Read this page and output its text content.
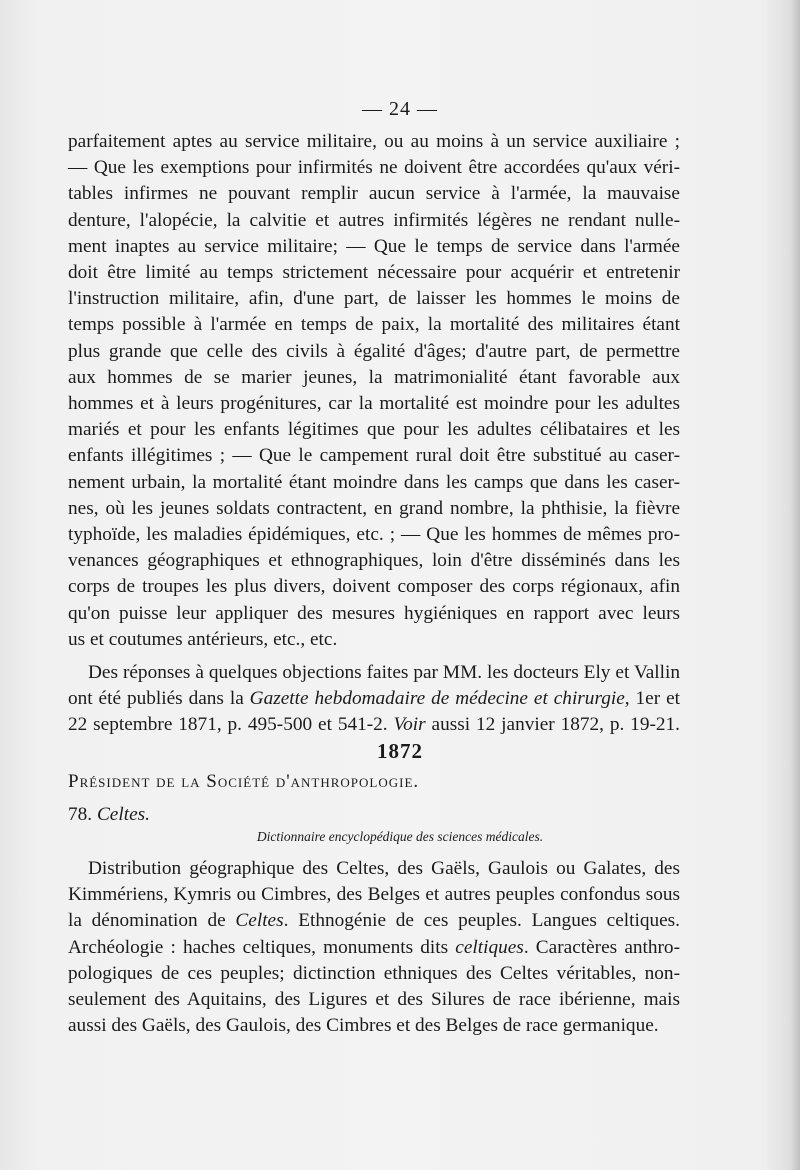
— 24 —
parfaitement aptes au service militaire, ou au moins à un service auxiliaire ;
— Que les exemptions pour infirmités ne doivent être accordées qu'aux véri-
tables infirmes ne pouvant remplir aucun service à l'armée, la mauvaise
denture, l'alopécie, la calvitie et autres infirmités légères ne rendant nulle-
ment inaptes au service militaire; — Que le temps de service dans l'armée
doit être limité au temps strictement nécessaire pour acquérir et entretenir
l'instruction militaire, afin, d'une part, de laisser les hommes le moins de
temps possible à l'armée en temps de paix, la mortalité des militaires étant
plus grande que celle des civils à égalité d'âges; d'autre part, de permettre
aux hommes de se marier jeunes, la matrimonialité étant favorable aux
hommes et à leurs progénitures, car la mortalité est moindre pour les adultes
mariés et pour les enfants légitimes que pour les adultes célibataires et les
enfants illégitimes ; — Que le campement rural doit être substitué au caser-
nement urbain, la mortalité étant moindre dans les camps que dans les caser-
nes, où les jeunes soldats contractent, en grand nombre, la phthisie, la fièvre
typhoïde, les maladies épidémiques, etc. ; — Que les hommes de mêmes pro-
venances géographiques et ethnographiques, loin d'être disséminés dans les
corps de troupes les plus divers, doivent composer des corps régionaux, afin
qu'on puisse leur appliquer des mesures hygiéniques en rapport avec leurs
us et coutumes antérieurs, etc., etc.
Des réponses à quelques objections faites par MM. les docteurs Ely et Vallin
ont été publiés dans la Gazette hebdomadaire de médecine et chirurgie, 1er et
22 septembre 1871, p. 495-500 et 541-2. Voir aussi 12 janvier 1872, p. 19-21.
1872
Président de la Société d'anthropologie.
78. Celtes.
Dictionnaire encyclopédique des sciences médicales.
Distribution géographique des Celtes, des Gaëls, Gaulois ou Galates, des
Kimmériens, Kymris ou Cimbres, des Belges et autres peuples confondus sous
la dénomination de Celtes. Ethnogénie de ces peuples. Langues celtiques.
Archéologie : haches celtiques, monuments dits celtiques. Caractères anthro-
pologiques de ces peuples; dictinction ethniques des Celtes véritables, non-
seulement des Aquitains, des Ligures et des Silures de race ibérienne, mais
aussi des Gaëls, des Gaulois, des Cimbres et des Belges de race germanique.
